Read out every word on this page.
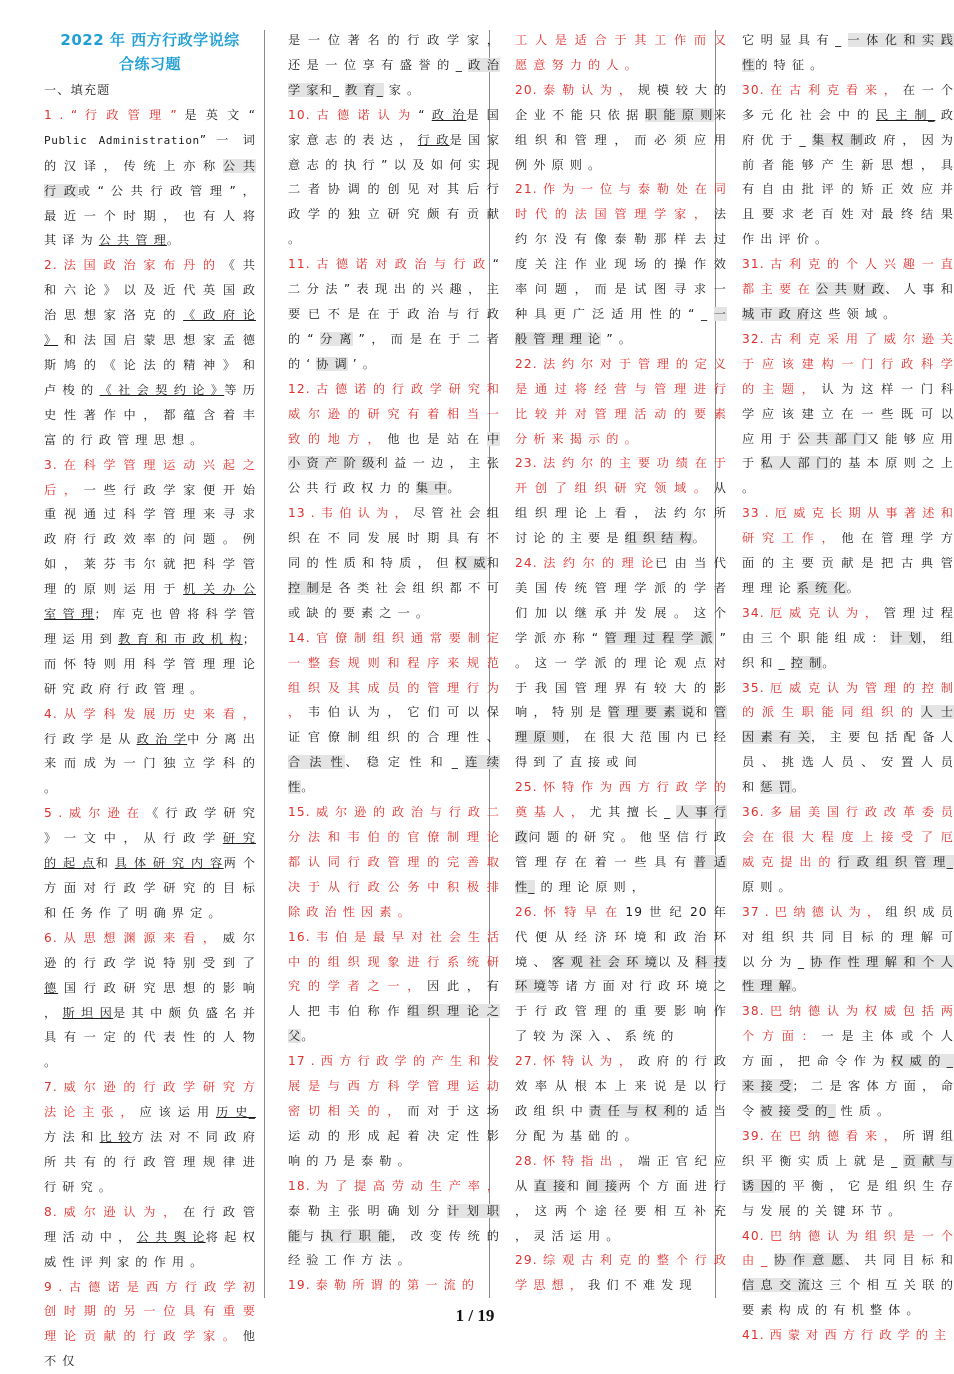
2022 年 西方行政学说综
合练习题
一、填充题

1 . “ 行 政 管 理 ” 是 英 文 “ Public Administration” 一 词 的 汉 译 ， 传 统 上 亦 称 公 共 行 政或 “ 公 共 行 政 管 理 ” ， 最 近 一 个 时 期 ， 也 有 人 将 其 译 为 公 共 管 理。

2. 法 国 政 治 家 布 丹 的 《 共 和 六 论 》 以 及 近 代 英 国 政 治 思 想 家 洛 克 的 《 政 府 论 》 和 法 国 启 蒙 思 想 家 孟 德 斯 鸠 的 《 论 法 的 精 神 》 和 卢 梭 的 《 社 会 契 约 论 》等 历 史 性 著 作 中 ， 都 蕴 含 着 丰 富 的 行 政 管 理 思 想 。

3. 在 科 学 管 理 运 动 兴 起 之 后 ， 一 些 行 政 学 家 便 开 始 重 视 通 过 科 学 管 理 来 寻 求 政 府 行 政 效 率 的 问 题 。 例 如 ， 莱 芬 韦 尔 就 把 科 学 管 理 的 原 则 运 用 于 机 关 办 公 室 管 理； 库 克 也 曾 将 科 学 管 理 运 用 到 教 育 和 市 政 机 构； 而 怀 特 则 用 科 学 管 理 理 论 研 究 政 府 行 政 管 理 。

4. 从 学 科 发 展 历 史 来 看 ， 行 政 学 是 从 政 治 学中 分 离 出 来 而 成 为 一 门 独 立 学 科 的 。

5 . 威 尔 逊 在 《 行 政 学 研 究 》 一 文 中 ， 从 行 政 学 研 究 的 起 点和 具 体 研 究 内 容两 个 方 面 对 行 政 学 研 究 的 目 标 和 任 务 作 了 明 确 界 定 。

6. 从 思 想 渊 源 来 看 ， 威 尔 逊 的 行 政 学 说 特 别 受 到 了 德 国 行 政 研 究 思 想 的 影 响 ， 斯 坦 因是 其 中 颇 负 盛 名 并 具 有 一 定 的 代 表 性 的 人 物 。

7. 威 尔 逊 的 行 政 学 研 究 方 法 论 主 张 ， 应 该 运 用 历 史_ 方 法 和 比 较方 法 对 不 同 政 府 所 共 有 的 行 政 管 理 规 律 进 行 研 究 。

8. 威 尔 逊 认 为 ， 在 行 政 管 理 活 动 中 ， 公 共 舆 论将 起 权 威 性 评 判 家 的 作 用 。

9 . 古 德 诺 是 西 方 行 政 学 初 创 时 期 的 另 一 位 具 有 重 要 理 论 贡 献 的 行 政 学 家 。 他 不 仅

是 一 位 著 名 的 行 政 学 家 ， 还 是 一 位 享 有 盛 誉 的 _ 政 治 学 家和_ 教 育_ 家 。

10. 古 德 诺 认 为 “ 政 治是 国 家 意 志 的 表 达 ， 行 政是 国 家 意 志 的 执 行 ” 以 及 如 何 实 现 二 者 协 调 的 创 见 对 其 后 行 政 学 的 独 立 研 究 颇 有 贡 献 。

11. 古 德 诺 对 政 治 与 行 政 “ 二 分 法 ” 表 现 出 的 兴 趣 ， 主 要 已 不 是 在 于 政 治 与 行 政 的 “ 分 离 ” ， 而 是 在 于 二 者 的 ‘ 协 调 ’ 。

12. 古 德 诺 的 行 政 学 研 究 和 威 尔 逊 的 研 究 有 着 相 当 一 致 的 地 方 ， 他 也 是 站 在 中 小 资 产 阶 级利 益 一 边 ， 主 张 公 共 行 政 权 力 的 集 中。

13 . 韦 伯 认 为 ， 尽 管 社 会 组 织 在 不 同 发 展 时 期 具 有 不 同 的 性 质 和 特 质 ， 但 权 威和 控 制是 各 类 社 会 组 织 都 不 可 或 缺 的 要 素 之 一 。

14. 官 僚 制 组 织 通 常 要 制 定 一 整 套 规 则 和 程 序 来 规 范 组 织 及 其 成 员 的 管 理 行 为 ， 韦 伯 认 为 ， 它 们 可 以 保 证 官 僚 制 组 织 的 合 理 性 、 合 法 性、 稳 定 性 和 _ 连 续 性。

15. 威 尔 逊 的 政 治 与 行 政 二 分 法 和 韦 伯 的 官 僚 制 理 论 都 认 同 行 政 管 理 的 完 善 取 决 于 从 行 政 公 务 中 积 极 排 除 政 治 性 因 素 。

16. 韦 伯 是 最 早 对 社 会 生 活 中 的 组 织 现 象 进 行 系 统 研 究 的 学 者 之 一 ， 因 此 ， 有 人 把 韦 伯 称 作 组 织 理 论 之 父。

17 . 西 方 行 政 学 的 产 生 和 发 展 是 与 西 方 科 学 管 理 运 动 密 切 相 关 的 ， 而 对 于 这 场 运 动 的 形 成 起 着 决 定 性 影 响 的 乃 是 泰 勒 。

18. 为 了 提 高 劳 动 生 产 率 ， 泰 勒 主 张 明 确 划 分 计 划 职 能与 执 行 职 能， 改 变 传 统 的 经 验 工 作 方 法 。

19. 泰 勒 所 谓 的 第 一 流 的

工 人 是 适 合 于 其 工 作 而 又 愿 意 努 力 的 人 。

20. 泰 勒 认 为 ， 规 模 较 大 的 企 业 不 能 只 依 据 职 能 原 则来 组 织 和 管 理 ， 而 必 须 应 用 例 外 原 则 。

21. 作 为 一 位 与 泰 勒 处 在 同 时 代 的 法 国 管 理 学 家 ， 法 约 尔 没 有 像 泰 勒 那 样 去 过 度 关 注 作 业 现 场 的 操 作 效 率 问 题 ， 而 是 试 图 寻 求 一 种 具 更 广 泛 适 用 性 的 “ _ 一 般 管 理 理 论 ” 。

22. 法 约 尔 对 于 管 理 的 定 义 是 通 过 将 经 营 与 管 理 进 行 比 较 并 对 管 理 活 动 的 要 素 分 析 来 揭 示 的 。

23. 法 约 尔 的 主 要 功 绩 在 于 开 创 了 组 织 研 究 领 域 。 从 组 织 理 论 上 看 ， 法 约 尔 所 讨 论 的 主 要 是 组 织 结 构。

24. 法 约 尔 的 理 论已 由 当 代 美 国 传 统 管 理 学 派 的 学 者 们 加 以 继 承 并 发 展 。 这 个 学 派 亦 称 “ 管 理 过 程 学 派 ” 。 这 一 学 派 的 理 论 观 点 对 于 我 国 管 理 界 有 较 大 的 影 响 ， 特 别 是 管 理 要 素 说和 管 理 原 则， 在 很 大 范 围 内 已 经 得 到 了 直 接 或 间

25. 怀 特 作 为 西 方 行 政 学 的 奠 基 人 ， 尤 其 擅 长 _ 人 事 行 政问 题 的 研 究 。 他 坚 信 行 政 管 理 存 在 着 一 些 具 有 普 适 性_ 的 理 论 原 则 ，

26. 怀 特 早 在 19 世 纪 20 年 代 便 从 经 济 环 境 和 政 治 环 境 、 客 观 社 会 环 境以 及 科 技 环 境等 诸 方 面 对 行 政 环 境 之 于 行 政 管 理 的 重 要 影 响 作 了 较 为 深 入 、 系 统 的

27. 怀 特 认 为 ， 政 府 的 行 政 效 率 从 根 本 上 来 说 是 以 行 政 组 织 中 责 任 与 权 利的 适 当 分 配 为 基 础 的 。

28. 怀 特 指 出 ， 端 正 官 纪 应 从 直 接和 间 接两 个 方 面 进 行 ， 这 两 个 途 径 要 相 互 补 充 ， 灵 活 运 用 。

29. 综 观 古 利 克 的 整 个 行 政 学 思 想 ， 我 们 不 难 发 现

它 明 显 具 有 _ 一 体 化 和 实 践 性的 特 征 。

30. 在 古 利 克 看 来 ， 在 一 个 多 元 化 社 会 中 的 民 主 制_ 政 府 优 于 _ 集 权 制政 府 ， 因 为 前 者 能 够 产 生 新 思 想 ， 具 有 自 由 批 评 的 矫 正 效 应 并 且 要 求 老 百 姓 对 最 终 结 果 作 出 评 价 。

31. 古 利 克 的 个 人 兴 趣 一 直 都 主 要 在 公 共 财 政、 人 事 和 城 市 政 府这 些 领 域 。

32. 古 利 克 采 用 了 威 尔 逊 关 于 应 该 建 构 一 门 行 政 科 学 的 主 题 ， 认 为 这 样 一 门 科 学 应 该 建 立 在 一 些 既 可 以 应 用 于 公 共 部 门又 能 够 应 用 于 私 人 部 门的 基 本 原 则 之 上 。

33 . 厄 威 克 长 期 从 事 著 述 和 研 究 工 作 ， 他 在 管 理 学 方 面 的 主 要 贡 献 是 把 古 典 管 理 理 论 系 统 化。

34. 厄 威 克 认 为 ， 管 理 过 程 由 三 个 职 能 组 成 ： 计 划， 组 织 和 _ 控 制。

35. 厄 威 克 认 为 管 理 的 控 制 的 派 生 职 能 同 组 织 的 人 士 因 素 有 关， 主 要 包 括 配 备 人 员 、 挑 选 人 员 、 安 置 人 员 和 惩 罚。

36. 多 届 美 国 行 政 改 革 委 员 会 在 很 大 程 度 上 接 受 了 厄 威 克 提 出 的 行 政 组 织 管 理_ 原 则 。

37 . 巴 纳 德 认 为 ， 组 织 成 员 对 组 织 共 同 目 标 的 理 解 可 以 分 为 _ 协 作 性 理 解 和 个 人 性 理 解。

38. 巴 纳 德 认 为 权 威 包 括 两 个 方 面 ： 一 是 主 体 或 个 人 方 面 ， 把 命 令 作 为 权 威 的 _ 来 接 受； 二 是 客 体 方 面 ， 命 令 被 接 受 的_ 性 质 。

39. 在 巴 纳 德 看 来 ， 所 谓 组 织 平 衡 实 质 上 就 是 _ 贡 献 与 诱 因的 平 衡 ， 它 是 组 织 生 存 与 发 展 的 关 键 环 节 。

40. 巴 纳 德 认 为 组 织 是 一 个 由 _ 协 作 意 愿、 共 同 目 标 和 信 息 交 流这 三 个 相 互 关 联 的 要 素 构 成 的 有 机 整 体 。

41. 西 蒙 对 西 方 行 政 学 的 主

1 / 19
